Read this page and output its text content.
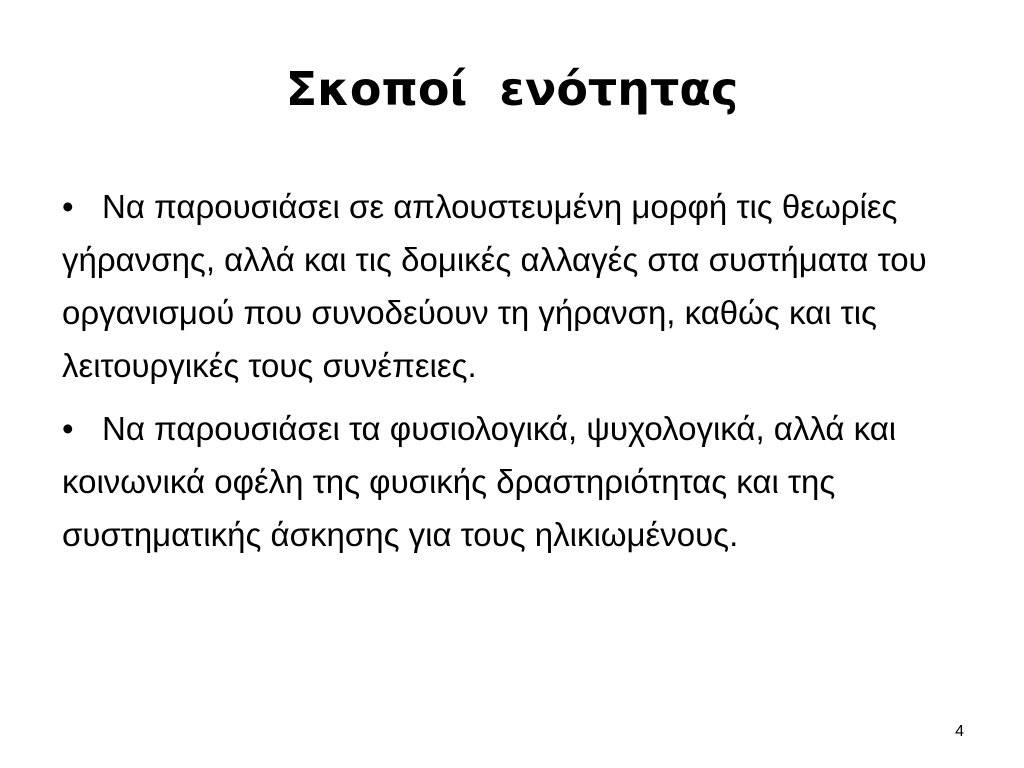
Σκοποί  ενότητας
• Να παρουσιάσει σε απλουστευμένη μορφή τις θεωρίες γήρανσης, αλλά και τις δομικές αλλαγές στα συστήματα του οργανισμού που συνοδεύουν τη γήρανση, καθώς και τις λειτουργικές τους συνέπειες.
• Να παρουσιάσει τα φυσιολογικά, ψυχολογικά, αλλά και κοινωνικά οφέλη της φυσικής δραστηριότητας και της συστηματικής άσκησης για τους ηλικιωμένους.
4
